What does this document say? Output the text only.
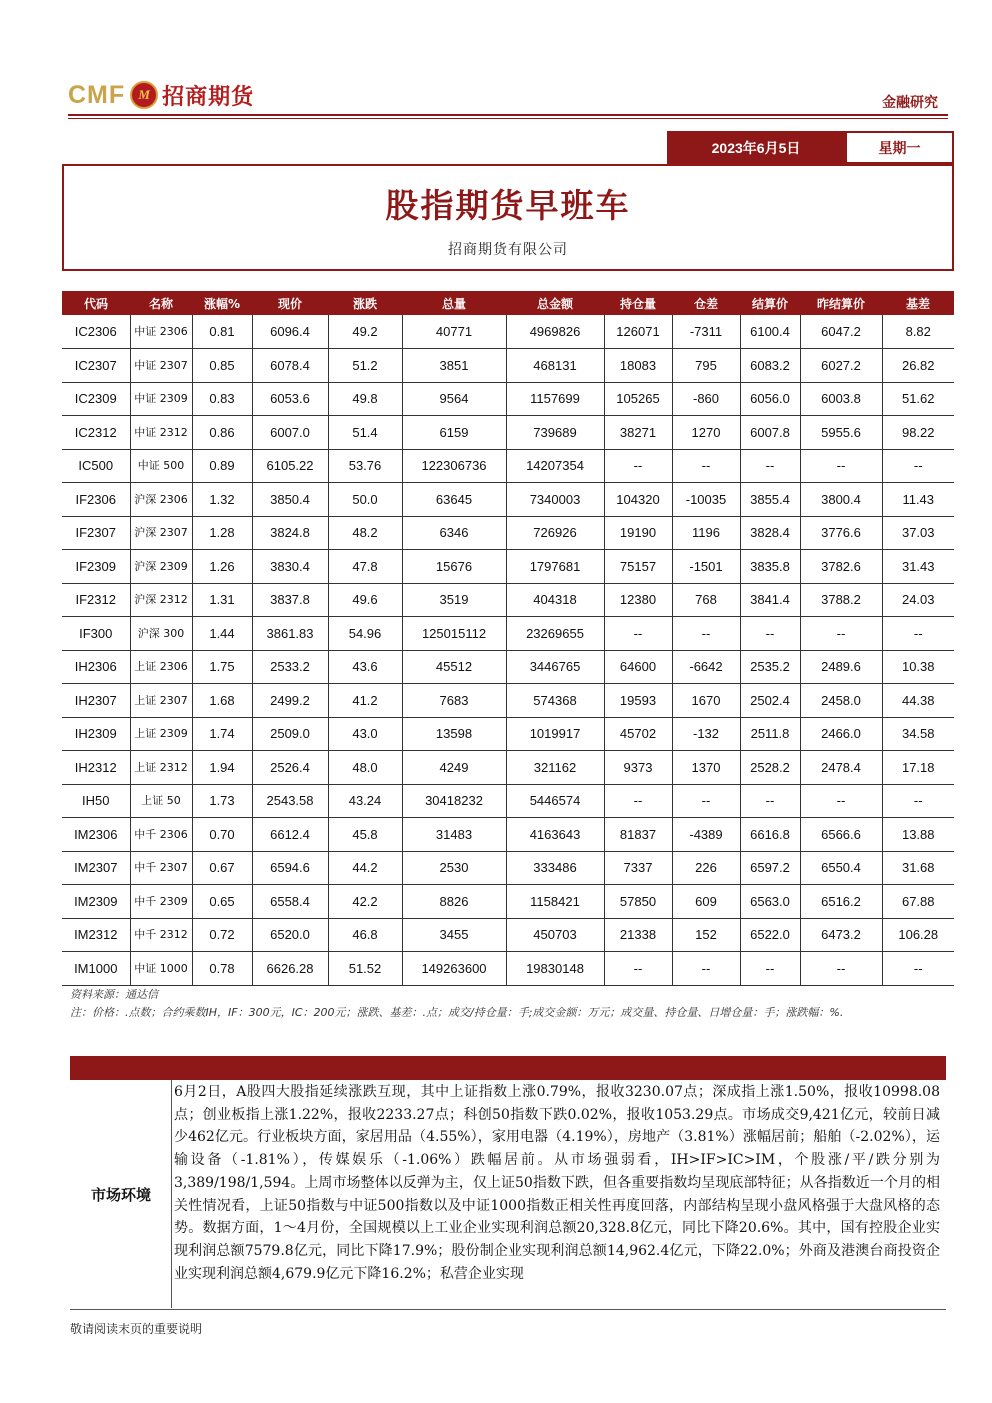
CMF M 招商期货	金融研究
2023年6月5日	星期一
股指期货早班车
招商期货有限公司
代码	名称	涨幅%	现价	涨跌	总量	总金额	持仓量	仓差	结算价	昨结算价	基差
IC2306	中证 2306	0.81	6096.4	49.2	40771	4969826	126071	-7311	6100.4	6047.2	8.82
IC2307	中证 2307	0.85	6078.4	51.2	3851	468131	18083	795	6083.2	6027.2	26.82
IC2309	中证 2309	0.83	6053.6	49.8	9564	1157699	105265	-860	6056.0	6003.8	51.62
IC2312	中证 2312	0.86	6007.0	51.4	6159	739689	38271	1270	6007.8	5955.6	98.22
IC500	中证 500	0.89	6105.22	53.76	122306736	14207354	--	--	--	--	--
IF2306	沪深 2306	1.32	3850.4	50.0	63645	7340003	104320	-10035	3855.4	3800.4	11.43
IF2307	沪深 2307	1.28	3824.8	48.2	6346	726926	19190	1196	3828.4	3776.6	37.03
IF2309	沪深 2309	1.26	3830.4	47.8	15676	1797681	75157	-1501	3835.8	3782.6	31.43
IF2312	沪深 2312	1.31	3837.8	49.6	3519	404318	12380	768	3841.4	3788.2	24.03
IF300	沪深 300	1.44	3861.83	54.96	125015112	23269655	--	--	--	--	--
IH2306	上证 2306	1.75	2533.2	43.6	45512	3446765	64600	-6642	2535.2	2489.6	10.38
IH2307	上证 2307	1.68	2499.2	41.2	7683	574368	19593	1670	2502.4	2458.0	44.38
IH2309	上证 2309	1.74	2509.0	43.0	13598	1019917	45702	-132	2511.8	2466.0	34.58
IH2312	上证 2312	1.94	2526.4	48.0	4249	321162	9373	1370	2528.2	2478.4	17.18
IH50	上证 50	1.73	2543.58	43.24	30418232	5446574	--	--	--	--	--
IM2306	中千 2306	0.70	6612.4	45.8	31483	4163643	81837	-4389	6616.8	6566.6	13.88
IM2307	中千 2307	0.67	6594.6	44.2	2530	333486	7337	226	6597.2	6550.4	31.68
IM2309	中千 2309	0.65	6558.4	42.2	8826	1158421	57850	609	6563.0	6516.2	67.88
IM2312	中千 2312	0.72	6520.0	46.8	3455	450703	21338	152	6522.0	6473.2	106.28
IM1000	中证 1000	0.78	6626.28	51.52	149263600	19830148	--	--	--	--	--
资料来源：通达信
注：价格：.点数；合约乘数IH，IF：300元，IC：200元；涨跌、基差：.点；成交/持仓量：手;成交金额：万元；成交量、持仓量、日增仓量：手；涨跌幅：%.
市场环境
6月2日，A股四大股指延续涨跌互现，其中上证指数上涨0.79%，报收3230.07点；深成指上涨1.50%，报收10998.08点；创业板指上涨1.22%，报收2233.27点；科创50指数下跌0.02%，报收1053.29点。市场成交9,421亿元，较前日减少462亿元。行业板块方面，家居用品（4.55%），家用电器（4.19%），房地产（3.81%）涨幅居前；船舶（-2.02%），运输设备（-1.81%），传媒娱乐（-1.06%）跌幅居前。从市场强弱看，IH>IF>IC>IM，个股涨/平/跌分别为3,389/198/1,594。上周市场整体以反弹为主，仅上证50指数下跌，但各重要指数均呈现底部特征；从各指数近一个月的相关性情况看，上证50指数与中证500指数以及中证1000指数正相关性再度回落，内部结构呈现小盘风格强于大盘风格的态势。数据方面，1～4月份，全国规模以上工业企业实现利润总额20,328.8亿元，同比下降20.6%。其中，国有控股企业实现利润总额7579.8亿元，同比下降17.9%；股份制企业实现利润总额14,962.4亿元，下降22.0%；外商及港澳台商投资企业实现利润总额4,679.9亿元下降16.2%；私营企业实现
敬请阅读末页的重要说明
